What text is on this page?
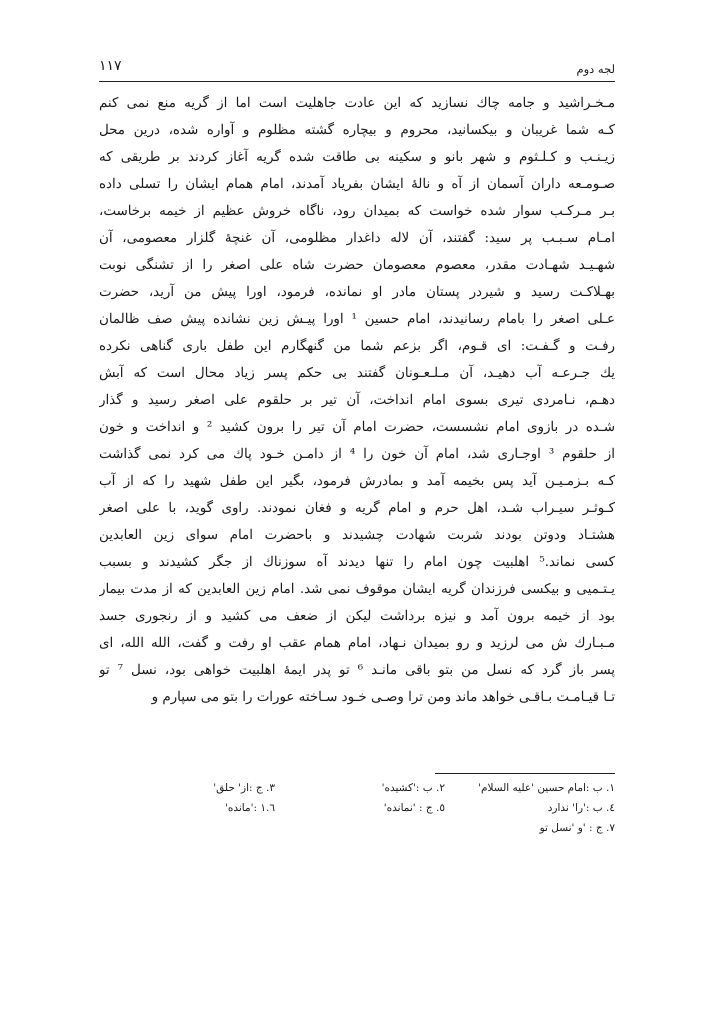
لجه دوم
١١٧
مـخـراشید و جامه چاك نسازید که این عادت جاهلیت است اما از گریه منع نمی کنم
کـه شما غریبان و بیکسانید، محروم و بیچاره گشته مظلوم و آواره شده، درین محل
زیـنـب و کـلـثوم و شهر بانو و سکینه بی طاقت شده گریه آغاز کردند بر طریقی که
صـومـعه داران آسمان از آه و نالهٔ ایشان بفریاد آمدند، امام همام ایشان را تسلی داده
بـر مـرکـب سوار شده خواست که بمیدان رود، ناگاه خروش عظیم از خیمه برخاست،
امـام سـبـب پر سید: گفتند، آن لاله داغدار مظلومی، آن غنچهٔ گلزار معصومی، آن
شهـیـد شهـادت مقدر، معصوم معصومان حضرت شاه علی اصغر را از تشنگی نوبت
بهـلاکـت رسید و شیردر پستان مادر او نمانده، فرمود، اورا پیش من آرید، حضرت
عـلی اصغر را بامام رسانیدند، امام حسین ¹ اورا پیـش زین نشانده پیش صف ظالمان
رفـت و گـفـت: ای قـوم، اگر بزعم شما من گنهگارم این طفل باری گناهی نکرده
یك جـرعـه آب دهیـد، آن مـلـعـونان گفتند بی حکم پسر زیاد محال است که آبش
دهـم، نـامردی تیری بسوی امام انداخت، آن تیر بر حلقوم علی اصغر رسید و گذار
شـده در بازوی امام نشسست، حضرت امام آن تیر را برون کشید ² و انداخت و خون
از حلقوم ³ اوجـاری شد، امام آن خون را ⁴ از دامـن خـود پاك می کرد نمی گذاشت
کـه بـزمـیـن آید پس بخیمه آمد و بمادرش فرمود، بگیر این طفل شهید را که از آب
کـوثـر سیـراب شـد، اهل حرم و امام گریه و فغان نمودند. راوی گوید، با علی اصغر
هشتـاد ودوتن بودند شربت شهادت چشیدند و باحضرت امام سوای زین العابدین
کسی نماند.⁵ اهلبیت چون امام را تنها دیدند آه سوزناك از جگر کشیدند و بسبب
یـتـمیی و بیکسی فرزندان گریه ایشان موقوف نمی شد. امام زین العابدین که از مدت بیمار
بود از خیمه برون آمد و نیزه برداشت لیکن از ضعف می کشید و از رنجوری جسد
مـبـارك ش می لرزید و رو بمیدان نـهاد، امام همام عقب او رفت و گفت، الله الله، ای
پسر باز گرد که نسل من بتو باقی مانـد ⁶ تو پدر ایمهٔ اهلبیت خواهی بود، نسل ⁷ تو
تـا قیـامـت بـاقـی خواهد ماند ومن ترا وصـی خـود سـاخته عورات را بتو می سپارم و
١. ب :امام حسین 'علیه السلام'
٢. ب :'کشیده'
٣. ج :از' حلق'
٤. ب :'را' ندارد
٥. ج : 'نمانده'
١.٦ :'مانده'
٧. ج : 'و 'نسل تو
